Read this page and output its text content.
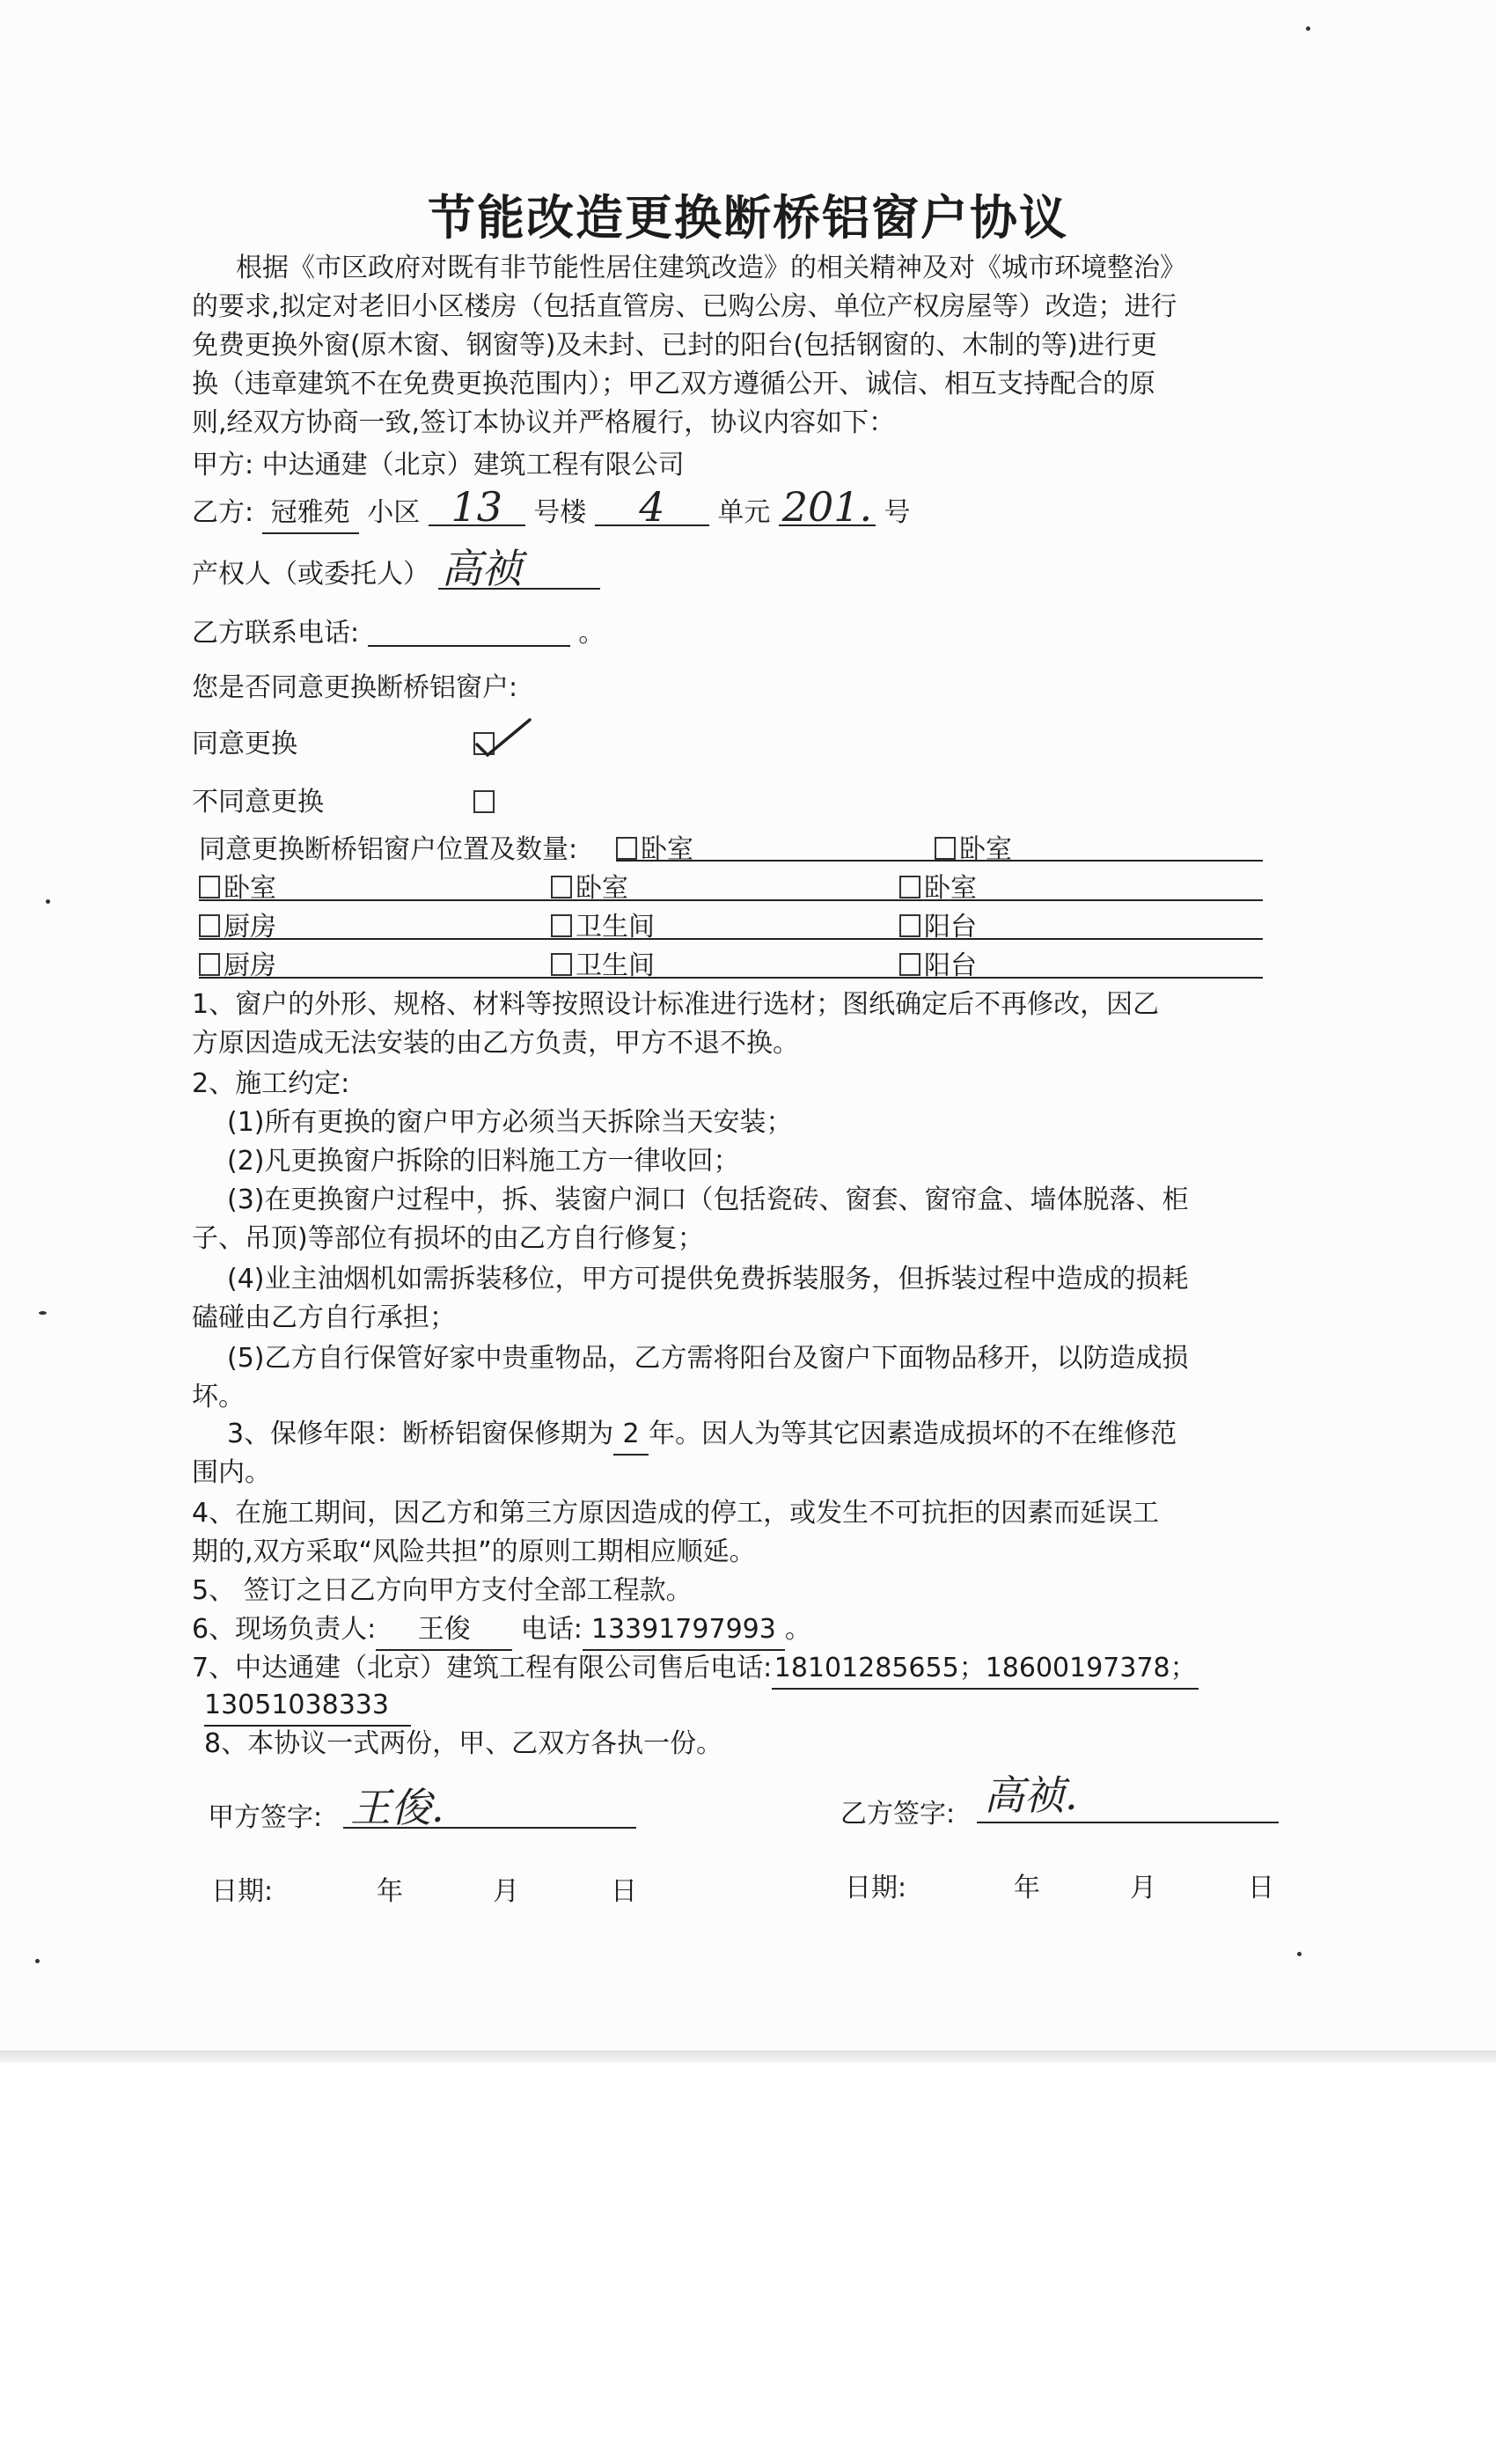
节能改造更换断桥铝窗户协议
根据《市区政府对既有非节能性居住建筑改造》的相关精神及对《城市环境整治》
的要求,拟定对老旧小区楼房（包括直管房、已购公房、单位产权房屋等）改造；进行
免费更换外窗(原木窗、钢窗等)及未封、已封的阳台(包括钢窗的、木制的等)进行更
换（违章建筑不在免费更换范围内）；甲乙双方遵循公开、诚信、相互支持配合的原
则,经双方协商一致,签订本协议并严格履行，协议内容如下：
甲方: 中达通建（北京）建筑工程有限公司
乙方: 冠雅苑 小区 13 号楼 4 单元 201. 号
产权人（或委托人） 高祯
乙方联系电话:	。
您是否同意更换断桥铝窗户:
同意更换
不同意更换
同意更换断桥铝窗户位置及数量:	卧室	卧室
卧室	卧室	卧室
厨房	卫生间	阳台
厨房	卫生间	阳台
1、窗户的外形、规格、材料等按照设计标准进行选材；图纸确定后不再修改，因乙
方原因造成无法安装的由乙方负责，甲方不退不换。
2、施工约定:
(1)所有更换的窗户甲方必须当天拆除当天安装；
(2)凡更换窗户拆除的旧料施工方一律收回；
(3)在更换窗户过程中，拆、装窗户洞口（包括瓷砖、窗套、窗帘盒、墙体脱落、柜
子、吊顶)等部位有损坏的由乙方自行修复；
(4)业主油烟机如需拆装移位，甲方可提供免费拆装服务，但拆装过程中造成的损耗
磕碰由乙方自行承担；
(5)乙方自行保管好家中贵重物品，乙方需将阳台及窗户下面物品移开，以防造成损
坏。
3、保修年限：断桥铝窗保修期为 2 年。因人为等其它因素造成损坏的不在维修范
围内。
4、在施工期间，因乙方和第三方原因造成的停工，或发生不可抗拒的因素而延误工
期的,双方采取“风险共担”的原则工期相应顺延。
5、 签订之日乙方向甲方支付全部工程款。
6、现场负责人: 王俊 电话: 13391797993 。
7、中达通建（北京）建筑工程有限公司售后电话:18101285655；18600197378；
13051038333
8、本协议一式两份，甲、乙双方各执一份。
甲方签字: 王俊.	乙方签字: 高祯.
日期:	年	月	日	日期:	年	月	日
